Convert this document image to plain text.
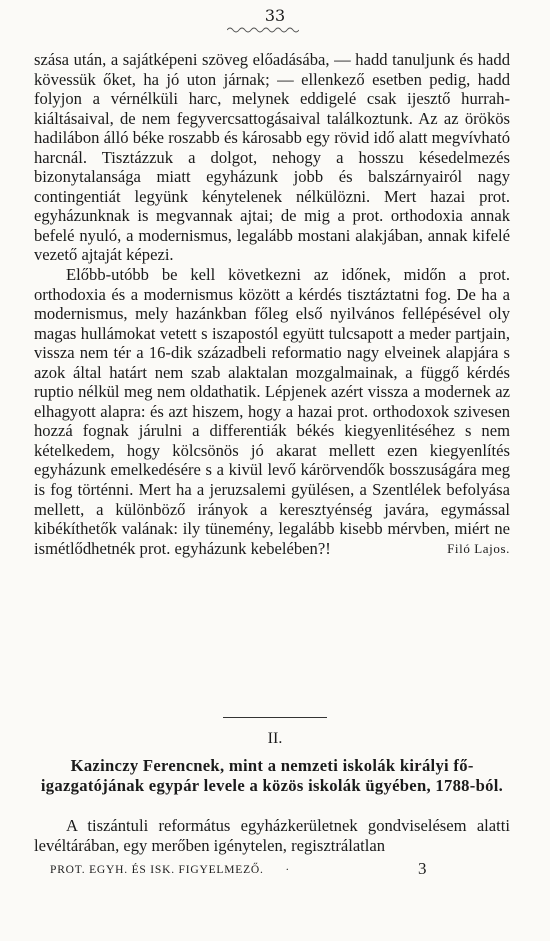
33

szása után, a sajátképeni szöveg előadásába, — hadd tanuljunk és hadd kövessük őket, ha jó uton járnak; — ellenkező esetben pedig, hadd folyjon a vérnélküli harc, melynek eddigelé csak ijesztő hurrah-kiáltásaival, de nem fegyvercsattogásaival találkoztunk. Az az örökös hadilábon álló béke roszabb és károsabb egy rövid idő alatt megvívható harcnál. Tisztázzuk a dolgot, nehogy a hosszu késedelmezés bizonytalansága miatt egyházunk jobb és balszárnyairól nagy contingentiát legyünk kénytelenek nélkülözni. Mert hazai prot. egyházunknak is megvannak ajtai; de mig a prot. orthodoxia annak befelé nyuló, a modernismus, legalább mostani alakjában, annak kifelé vezető ajtaját képezi.

Előbb-utóbb be kell következni az időnek, midőn a prot. orthodoxia és a modernismus között a kérdés tisztáztatni fog. De ha a modernismus, mely hazánkban főleg első nyilvános fellépésével oly magas hullámokat vetett s iszapostól együtt tulcsapott a meder partjain, vissza nem tér a 16-dik századbeli reformatio nagy elveinek alapjára s azok által határt nem szab alaktalan mozgalmainak, a függő kérdés ruptio nélkül meg nem oldathatik. Lépjenek azért vissza a modernek az elhagyott alapra: és azt hiszem, hogy a hazai prot. orthodoxok szivesen hozzá fognak járulni a differentiák békés kiegyenlitéséhez s nem kételkedem, hogy kölcsönös jó akarat mellett ezen kiegyenlítés egyházunk emelkedésére s a kivül levő kárörvendők bosszuságára meg is fog történni. Mert ha a jeruzsalemi gyülésen, a Szentlélek befolyása mellett, a különböző irányok a keresztyénség javára, egymással kibékíthetők valának: ily tünemény, legalább kisebb mérvben, miért ne ismétlődhetnék prot. egyházunk kebelében?!	Filó Lajos.

II.
Kazinczy Ferencnek, mint a nemzeti iskolák királyi főigazgatójának egypár levele a közös iskolák ügyében, 1788-ból.
A tiszántuli református egyházkerületnek gondviselésem alatti levéltárában, egy merőben igénytelen, regisztrálatlan
PROT. EGYH. ÉS ISK. FIGYELMEZŐ. ·	3
